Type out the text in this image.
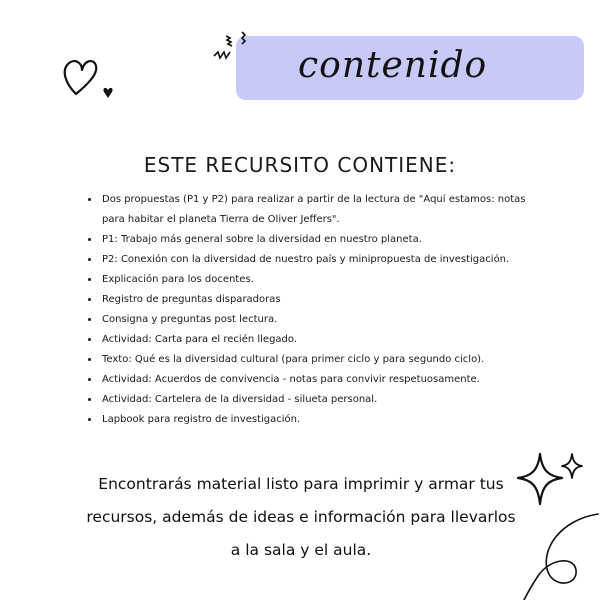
contenido
ESTE RECURSITO CONTIENE:
• Dos propuestas (P1 y P2) para realizar a partir de la lectura de "Aquí estamos: notas para habitar el planeta Tierra de Oliver Jeffers".
• P1: Trabajo más general sobre la diversidad en nuestro planeta.
• P2: Conexión con la diversidad de nuestro país y minipropuesta de investigación.
• Explicación para los docentes.
• Registro de preguntas disparadoras
• Consigna y preguntas post lectura.
• Actividad: Carta para el recién llegado.
• Texto: Qué es la diversidad cultural (para primer ciclo y para segundo ciclo).
• Actividad: Acuerdos de convivencia - notas para convivir respetuosamente.
• Actividad: Cartelera de la diversidad - silueta personal.
• Lapbook para registro de investigación.
Encontrarás material listo para imprimir y armar tus recursos, además de ideas e información para llevarlos a la sala y el aula.
